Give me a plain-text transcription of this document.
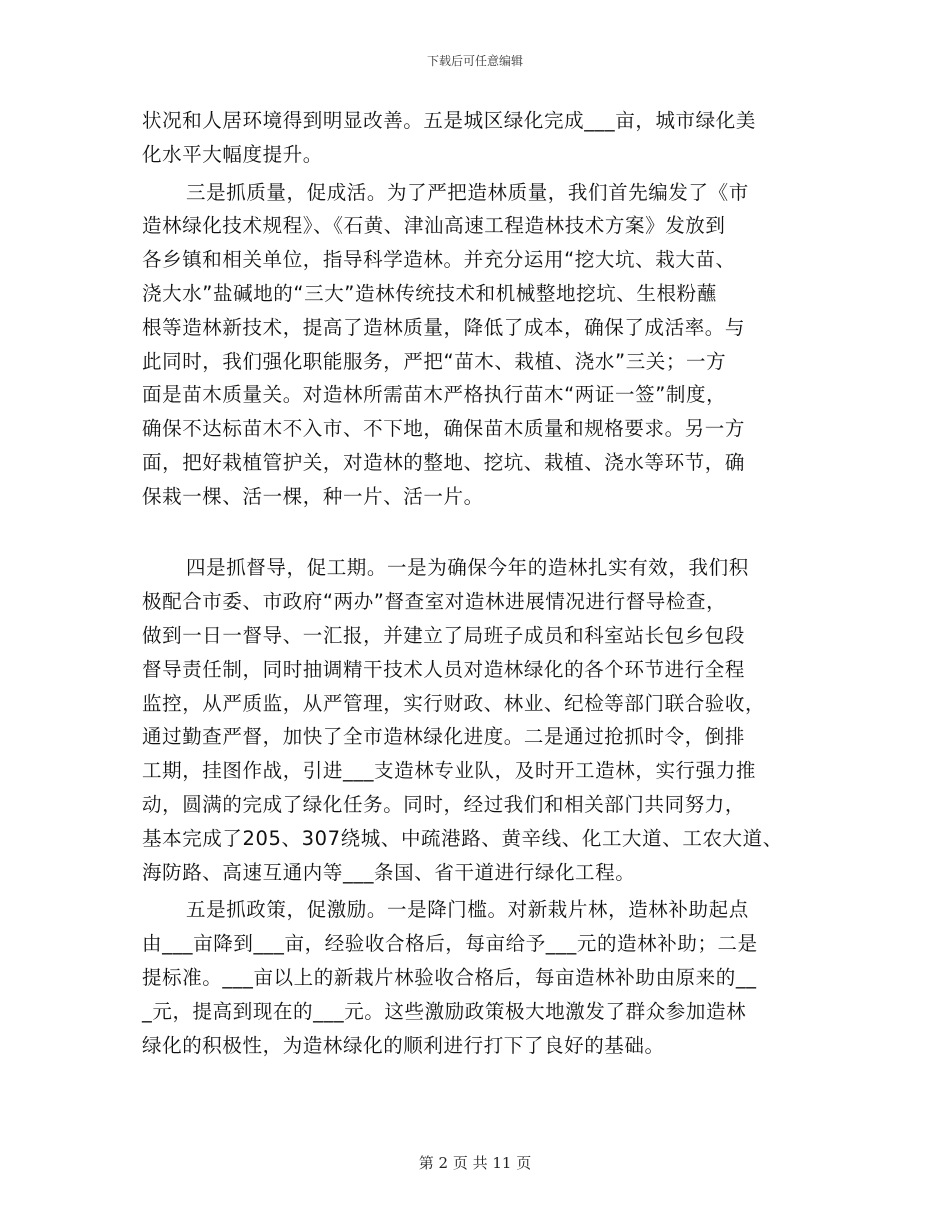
下载后可任意编辑
状况和人居环境得到明显改善。五是城区绿化完成___亩，城市绿化美
化水平大幅度提升。
三是抓质量，促成活。为了严把造林质量，我们首先编发了《市
造林绿化技术规程》、《石黄、津汕高速工程造林技术方案》发放到
各乡镇和相关单位，指导科学造林。并充分运用“挖大坑、栽大苗、
浇大水”盐碱地的“三大”造林传统技术和机械整地挖坑、生根粉蘸
根等造林新技术，提高了造林质量，降低了成本，确保了成活率。与
此同时，我们强化职能服务，严把“苗木、栽植、浇水”三关；一方
面是苗木质量关。对造林所需苗木严格执行苗木“两证一签”制度，
确保不达标苗木不入市、不下地，确保苗木质量和规格要求。另一方
面，把好栽植管护关，对造林的整地、挖坑、栽植、浇水等环节，确
保栽一棵、活一棵，种一片、活一片。
四是抓督导，促工期。一是为确保今年的造林扎实有效，我们积
极配合市委、市政府“两办”督查室对造林进展情况进行督导检查，
做到一日一督导、一汇报，并建立了局班子成员和科室站长包乡包段
督导责任制，同时抽调精干技术人员对造林绿化的各个环节进行全程
监控，从严质监，从严管理，实行财政、林业、纪检等部门联合验收，
通过勤查严督，加快了全市造林绿化进度。二是通过抢抓时令，倒排
工期，挂图作战，引进___支造林专业队，及时开工造林，实行强力推
动，圆满的完成了绿化任务。同时，经过我们和相关部门共同努力，
基本完成了205、307绕城、中疏港路、黄辛线、化工大道、工农大道、
海防路、高速互通内等___条国、省干道进行绿化工程。
五是抓政策，促激励。一是降门槛。对新栽片林，造林补助起点
由___亩降到___亩，经验收合格后，每亩给予___元的造林补助；二是
提标准。___亩以上的新栽片林验收合格后，每亩造林补助由原来的__
_元，提高到现在的___元。这些激励政策极大地激发了群众参加造林
绿化的积极性，为造林绿化的顺利进行打下了良好的基础。
第 2 页 共 11 页
